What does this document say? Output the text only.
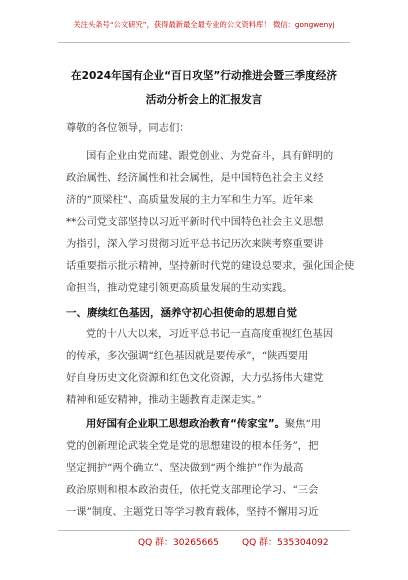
关注头条号“公文研究”，获得最新最全最专业的公文资料库！ 微信：gongwenyj
在2024年国有企业“百日攻坚”行动推进会暨三季度经济
活动分析会上的汇报发言
尊敬的各位领导，同志们：
国有企业由党而建、跟党创业、为党奋斗，具有鲜明的
政治属性、经济属性和社会属性，是中国特色社会主义经
济的“顶梁柱”、高质量发展的主力军和生力军。近年来
**公司党支部坚持以习近平新时代中国特色社会主义思想
为指引，深入学习贯彻习近平总书记历次来陕考察重要讲
话重要指示批示精神，坚持新时代党的建设总要求，强化国企使
命担当，推动党建引领更高质量发展的生动实践。
一、赓续红色基因，涵养守初心担使命的思想自觉
党的十八大以来，习近平总书记一直高度重视红色基因
的传承，多次强调“红色基因就是要传承”，“陕西要用
好自身历史文化资源和红色文化资源，大力弘扬伟大建党
精神和延安精神，推动主题教育走深走实。”
用好国有企业职工思想政治教育“传家宝”。聚焦“用
党的创新理论武装全党是党的思想建设的根本任务”，把
坚定拥护“两个确立”、坚决做到“两个维护”作为最高
政治原则和根本政治责任，依托党支部理论学习、“三会
一课”制度、主题党日等学习教育载体，坚持不懈用习近
QQ 群：30265665	QQ 群：535304092
